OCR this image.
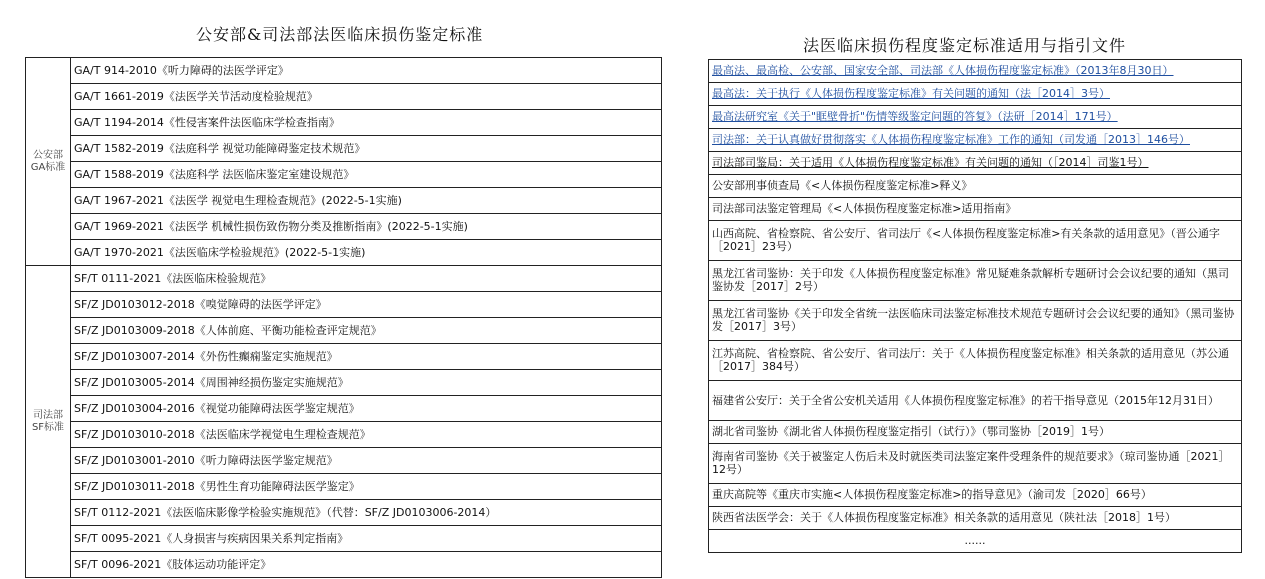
公安部&司法部法医临床损伤鉴定标准
法医临床损伤程度鉴定标准适用与指引文件
公安部GA标准	GA/T 914-2010《听力障碍的法医学评定》
	GA/T 1661-2019《法医学关节活动度检验规范》
	GA/T 1194-2014《性侵害案件法医临床学检查指南》
	GA/T 1582-2019《法庭科学 视觉功能障碍鉴定技术规范》
	GA/T 1588-2019《法庭科学 法医临床鉴定室建设规范》
	GA/T 1967-2021《法医学 视觉电生理检查规范》(2022-5-1实施)
	GA/T 1969-2021《法医学 机械性损伤致伤物分类及推断指南》(2022-5-1实施)
	GA/T 1970-2021《法医临床学检验规范》(2022-5-1实施)
司法部SF标准	SF/T 0111-2021《法医临床检验规范》
	SF/Z JD0103012-2018《嗅觉障碍的法医学评定》
	SF/Z JD0103009-2018《人体前庭、平衡功能检查评定规范》
	SF/Z JD0103007-2014《外伤性癫痫鉴定实施规范》
	SF/Z JD0103005-2014《周围神经损伤鉴定实施规范》
	SF/Z JD0103004-2016《视觉功能障碍法医学鉴定规范》
	SF/Z JD0103010-2018《法医临床学视觉电生理检查规范》
	SF/Z JD0103001-2010《听力障碍法医学鉴定规范》
	SF/Z JD0103011-2018《男性生育功能障碍法医学鉴定》
	SF/T 0112-2021《法医临床影像学检验实施规范》（代替：SF/Z JD0103006-2014）
	SF/T 0095-2021《人身损害与疾病因果关系判定指南》
	SF/T 0096-2021《肢体运动功能评定》
最高法、最高检、公安部、国家安全部、司法部《人体损伤程度鉴定标准》（2013年8月30日）
最高法：关于执行《人体损伤程度鉴定标准》有关问题的通知（法［2014］3号）
最高法研究室《关于"眶壁骨折"伤情等级鉴定问题的答复》（法研［2014］171号）
司法部：关于认真做好贯彻落实《人体损伤程度鉴定标准》工作的通知（司发通［2013］146号）
司法部司鉴局：关于适用《人体损伤程度鉴定标准》有关问题的通知（［2014］司鉴1号）
公安部刑事侦查局《<人体损伤程度鉴定标准>释义》
司法部司法鉴定管理局《<人体损伤程度鉴定标准>适用指南》
山西高院、省检察院、省公安厅、省司法厅《<人体损伤程度鉴定标准>有关条款的适用意见》（晋公通字［2021］23号）
黑龙江省司鉴协：关于印发《人体损伤程度鉴定标准》常见疑难条款解析专题研讨会会议纪要的通知（黑司鉴协发［2017］2号）
黑龙江省司鉴协《关于印发全省统一法医临床司法鉴定标准技术规范专题研讨会会议纪要的通知》（黑司鉴协发［2017］3号）
江苏高院、省检察院、省公安厅、省司法厅：关于《人体损伤程度鉴定标准》相关条款的适用意见（苏公通［2017］384号）
福建省公安厅：关于全省公安机关适用《人体损伤程度鉴定标准》的若干指导意见（2015年12月31日）
湖北省司鉴协《湖北省人体损伤程度鉴定指引（试行）》（鄂司鉴协［2019］1号）
海南省司鉴协《关于被鉴定人伤后未及时就医类司法鉴定案件受理条件的规范要求》（琼司鉴协通［2021］12号）
重庆高院等《重庆市实施<人体损伤程度鉴定标准>的指导意见》（渝司发［2020］66号）
陕西省法医学会：关于《人体损伤程度鉴定标准》相关条款的适用意见（陕社法［2018］1号）
......
